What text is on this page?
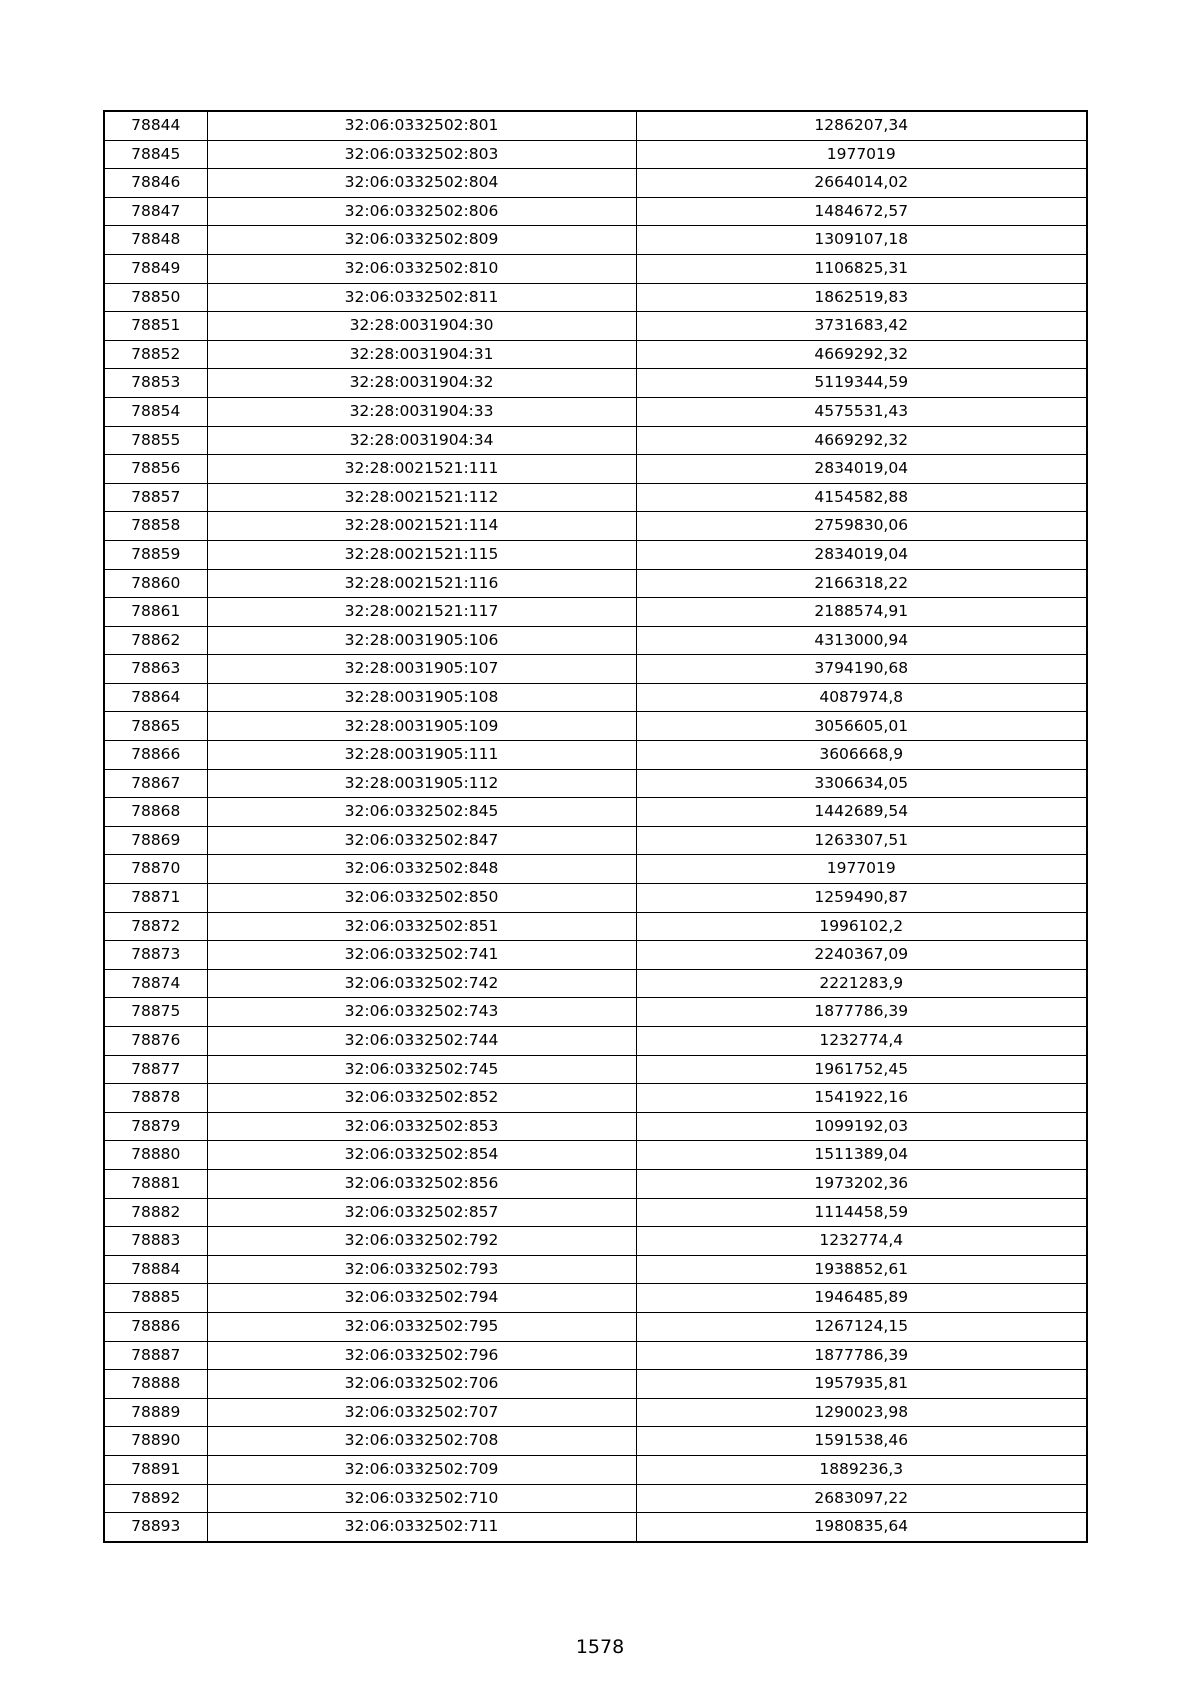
78844	32:06:0332502:801	1286207,34
78845	32:06:0332502:803	1977019
78846	32:06:0332502:804	2664014,02
78847	32:06:0332502:806	1484672,57
78848	32:06:0332502:809	1309107,18
78849	32:06:0332502:810	1106825,31
78850	32:06:0332502:811	1862519,83
78851	32:28:0031904:30	3731683,42
78852	32:28:0031904:31	4669292,32
78853	32:28:0031904:32	5119344,59
78854	32:28:0031904:33	4575531,43
78855	32:28:0031904:34	4669292,32
78856	32:28:0021521:111	2834019,04
78857	32:28:0021521:112	4154582,88
78858	32:28:0021521:114	2759830,06
78859	32:28:0021521:115	2834019,04
78860	32:28:0021521:116	2166318,22
78861	32:28:0021521:117	2188574,91
78862	32:28:0031905:106	4313000,94
78863	32:28:0031905:107	3794190,68
78864	32:28:0031905:108	4087974,8
78865	32:28:0031905:109	3056605,01
78866	32:28:0031905:111	3606668,9
78867	32:28:0031905:112	3306634,05
78868	32:06:0332502:845	1442689,54
78869	32:06:0332502:847	1263307,51
78870	32:06:0332502:848	1977019
78871	32:06:0332502:850	1259490,87
78872	32:06:0332502:851	1996102,2
78873	32:06:0332502:741	2240367,09
78874	32:06:0332502:742	2221283,9
78875	32:06:0332502:743	1877786,39
78876	32:06:0332502:744	1232774,4
78877	32:06:0332502:745	1961752,45
78878	32:06:0332502:852	1541922,16
78879	32:06:0332502:853	1099192,03
78880	32:06:0332502:854	1511389,04
78881	32:06:0332502:856	1973202,36
78882	32:06:0332502:857	1114458,59
78883	32:06:0332502:792	1232774,4
78884	32:06:0332502:793	1938852,61
78885	32:06:0332502:794	1946485,89
78886	32:06:0332502:795	1267124,15
78887	32:06:0332502:796	1877786,39
78888	32:06:0332502:706	1957935,81
78889	32:06:0332502:707	1290023,98
78890	32:06:0332502:708	1591538,46
78891	32:06:0332502:709	1889236,3
78892	32:06:0332502:710	2683097,22
78893	32:06:0332502:711	1980835,64
1578
